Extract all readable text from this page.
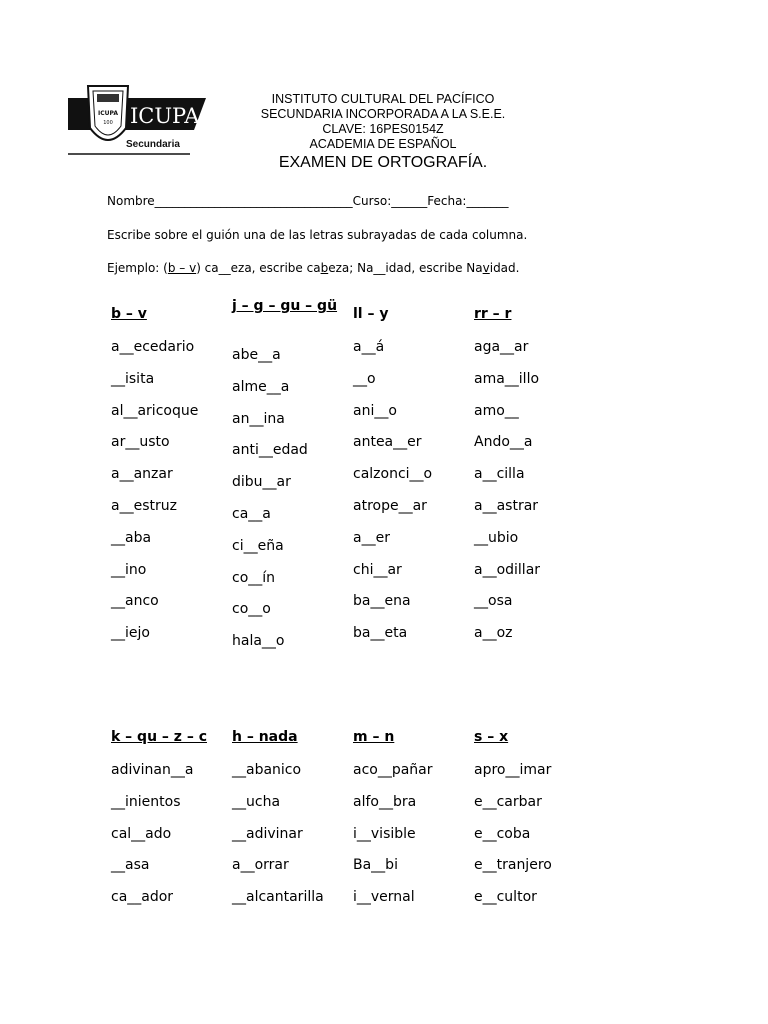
ICUPA
100 ICUPA
Secundaria
INSTITUTO CULTURAL DEL PACÍFICO
SECUNDARIA INCORPORADA A LA S.E.E.
CLAVE: 16PES0154Z
ACADEMIA DE ESPAÑOL
EXAMEN DE ORTOGRAFÍA.
Nombre_________________________________Curso:______Fecha:_______
Escribe sobre el guión una de las letras subrayadas de cada columna.
Ejemplo: (b – v) ca__eza, escribe cabeza; Na__idad, escribe Navidad.
b – v
a__ecedario
__isita
al__aricoque
ar__usto
a__anzar
a__estruz
__aba
__ino
__anco
__iejo
j – g – gu – gü
abe__a
alme__a
an__ina
anti__edad
dibu__ar
ca__a
ci__eña
co__ín
co__o
hala__o
ll – y
a__á
__o
ani__o
antea__er
calzonci__o
atrope__ar
a__er
chi__ar
ba__ena
ba__eta
rr – r
aga__ar
ama__illo
amo__
Ando__a
a__cilla
a__astrar
__ubio
a__odillar
__osa
a__oz
k – qu – z – c
adivinan__a
__inientos
cal__ado
__asa
ca__ador
h – nada
__abanico
__ucha
__adivinar
a__orrar
__alcantarilla
m – n
aco__pañar
alfo__bra
i__visible
Ba__bi
i__vernal
s – x
apro__imar
e__carbar
e__coba
e__tranjero
e__cultor
